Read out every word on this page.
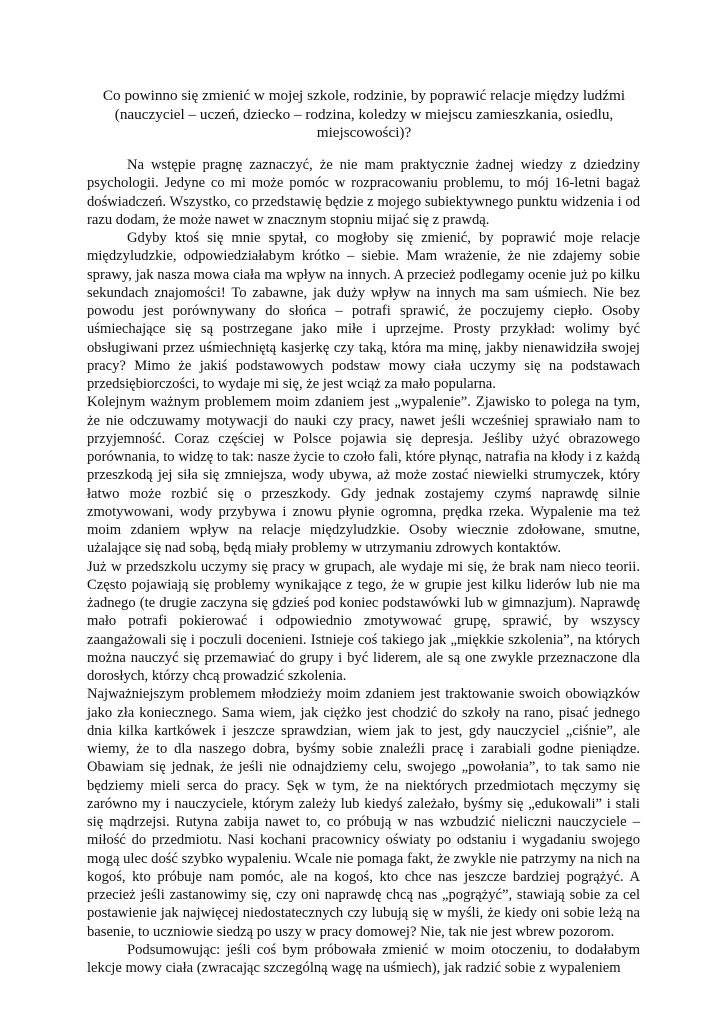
Co powinno się zmienić w mojej szkole, rodzinie, by poprawić relacje między ludźmi (nauczyciel – uczeń, dziecko – rodzina, koledzy w miejscu zamieszkania, osiedlu, miejscowości)?

Na wstępie pragnę zaznaczyć, że nie mam praktycznie żadnej wiedzy z dziedziny psychologii. Jedyne co mi może pomóc w rozpracowaniu problemu, to mój 16-letni bagaż doświadczeń. Wszystko, co przedstawię będzie z mojego subiektywnego punktu widzenia i od razu dodam, że może nawet w znacznym stopniu mijać się z prawdą.

Gdyby ktoś się mnie spytał, co mogłoby się zmienić, by poprawić moje relacje międzyludzkie, odpowiedziałabym krótko – siebie. Mam wrażenie, że nie zdajemy sobie sprawy, jak nasza mowa ciała ma wpływ na innych. A przecież podlegamy ocenie już po kilku sekundach znajomości! To zabawne, jak duży wpływ na innych ma sam uśmiech. Nie bez powodu jest porównywany do słońca – potrafi sprawić, że poczujemy ciepło. Osoby uśmiechające się są postrzegane jako miłe i uprzejme. Prosty przykład: wolimy być obsługiwani przez uśmiechniętą kasjerkę czy taką, która ma minę, jakby nienawidziła swojej pracy? Mimo że jakiś podstawowych podstaw mowy ciała uczymy się na podstawach przedsiębiorczości, to wydaje mi się, że jest wciąż za mało popularna.

Kolejnym ważnym problemem moim zdaniem jest „wypalenie”. Zjawisko to polega na tym, że nie odczuwamy motywacji do nauki czy pracy, nawet jeśli wcześniej sprawiało nam to przyjemność. Coraz częściej w Polsce pojawia się depresja. Jeśliby użyć obrazowego porównania, to widzę to tak: nasze życie to czoło fali, które płynąc, natrafia na kłody i z każdą przeszkodą jej siła się zmniejsza, wody ubywa, aż może zostać niewielki strumyczek, który łatwo może rozbić się o przeszkody. Gdy jednak zostajemy czymś naprawdę silnie zmotywowani, wody przybywa i znowu płynie ogromna, prędka rzeka. Wypalenie ma też moim zdaniem wpływ na relacje międzyludzkie. Osoby wiecznie zdołowane, smutne, użalające się nad sobą, będą miały problemy w utrzymaniu zdrowych kontaktów.

Już w przedszkolu uczymy się pracy w grupach, ale wydaje mi się, że brak nam nieco teorii. Często pojawiają się problemy wynikające z tego, że w grupie jest kilku liderów lub nie ma żadnego (te drugie zaczyna się gdzieś pod koniec podstawówki lub w gimnazjum). Naprawdę mało potrafi pokierować i odpowiednio zmotywować grupę, sprawić, by wszyscy zaangażowali się i poczuli docenieni. Istnieje coś takiego jak „miękkie szkolenia”, na których można nauczyć się przemawiać do grupy i być liderem, ale są one zwykle przeznaczone dla dorosłych, którzy chcą prowadzić szkolenia.

Najważniejszym problemem młodzieży moim zdaniem jest traktowanie swoich obowiązków jako zła koniecznego. Sama wiem, jak ciężko jest chodzić do szkoły na rano, pisać jednego dnia kilka kartkówek i jeszcze sprawdzian, wiem jak to jest, gdy nauczyciel „ciśnie”, ale wiemy, że to dla naszego dobra, byśmy sobie znaleźli pracę i zarabiali godne pieniądze. Obawiam się jednak, że jeśli nie odnajdziemy celu, swojego „powołania”, to tak samo nie będziemy mieli serca do pracy. Sęk w tym, że na niektórych przedmiotach męczymy się zarówno my i nauczyciele, którym zależy lub kiedyś zależało, byśmy się „edukowali” i stali się mądrzejsi. Rutyna zabija nawet to, co próbują w nas wzbudzić nieliczni nauczyciele – miłość do przedmiotu. Nasi kochani pracownicy oświaty po odstaniu i wygadaniu swojego mogą ulec dość szybko wypaleniu. Wcale nie pomaga fakt, że zwykle nie patrzymy na nich na kogoś, kto próbuje nam pomóc, ale na kogoś, kto chce nas jeszcze bardziej pogrążyć. A przecież jeśli zastanowimy się, czy oni naprawdę chcą nas „pogrążyć”, stawiają sobie za cel postawienie jak najwięcej niedostatecznych czy lubują się w myśli, że kiedy oni sobie leżą na basenie, to uczniowie siedzą po uszy w pracy domowej? Nie, tak nie jest wbrew pozorom.

Podsumowując: jeśli coś bym próbowała zmienić w moim otoczeniu, to dodałabym lekcje mowy ciała (zwracając szczególną wagę na uśmiech), jak radzić sobie z wypaleniem
